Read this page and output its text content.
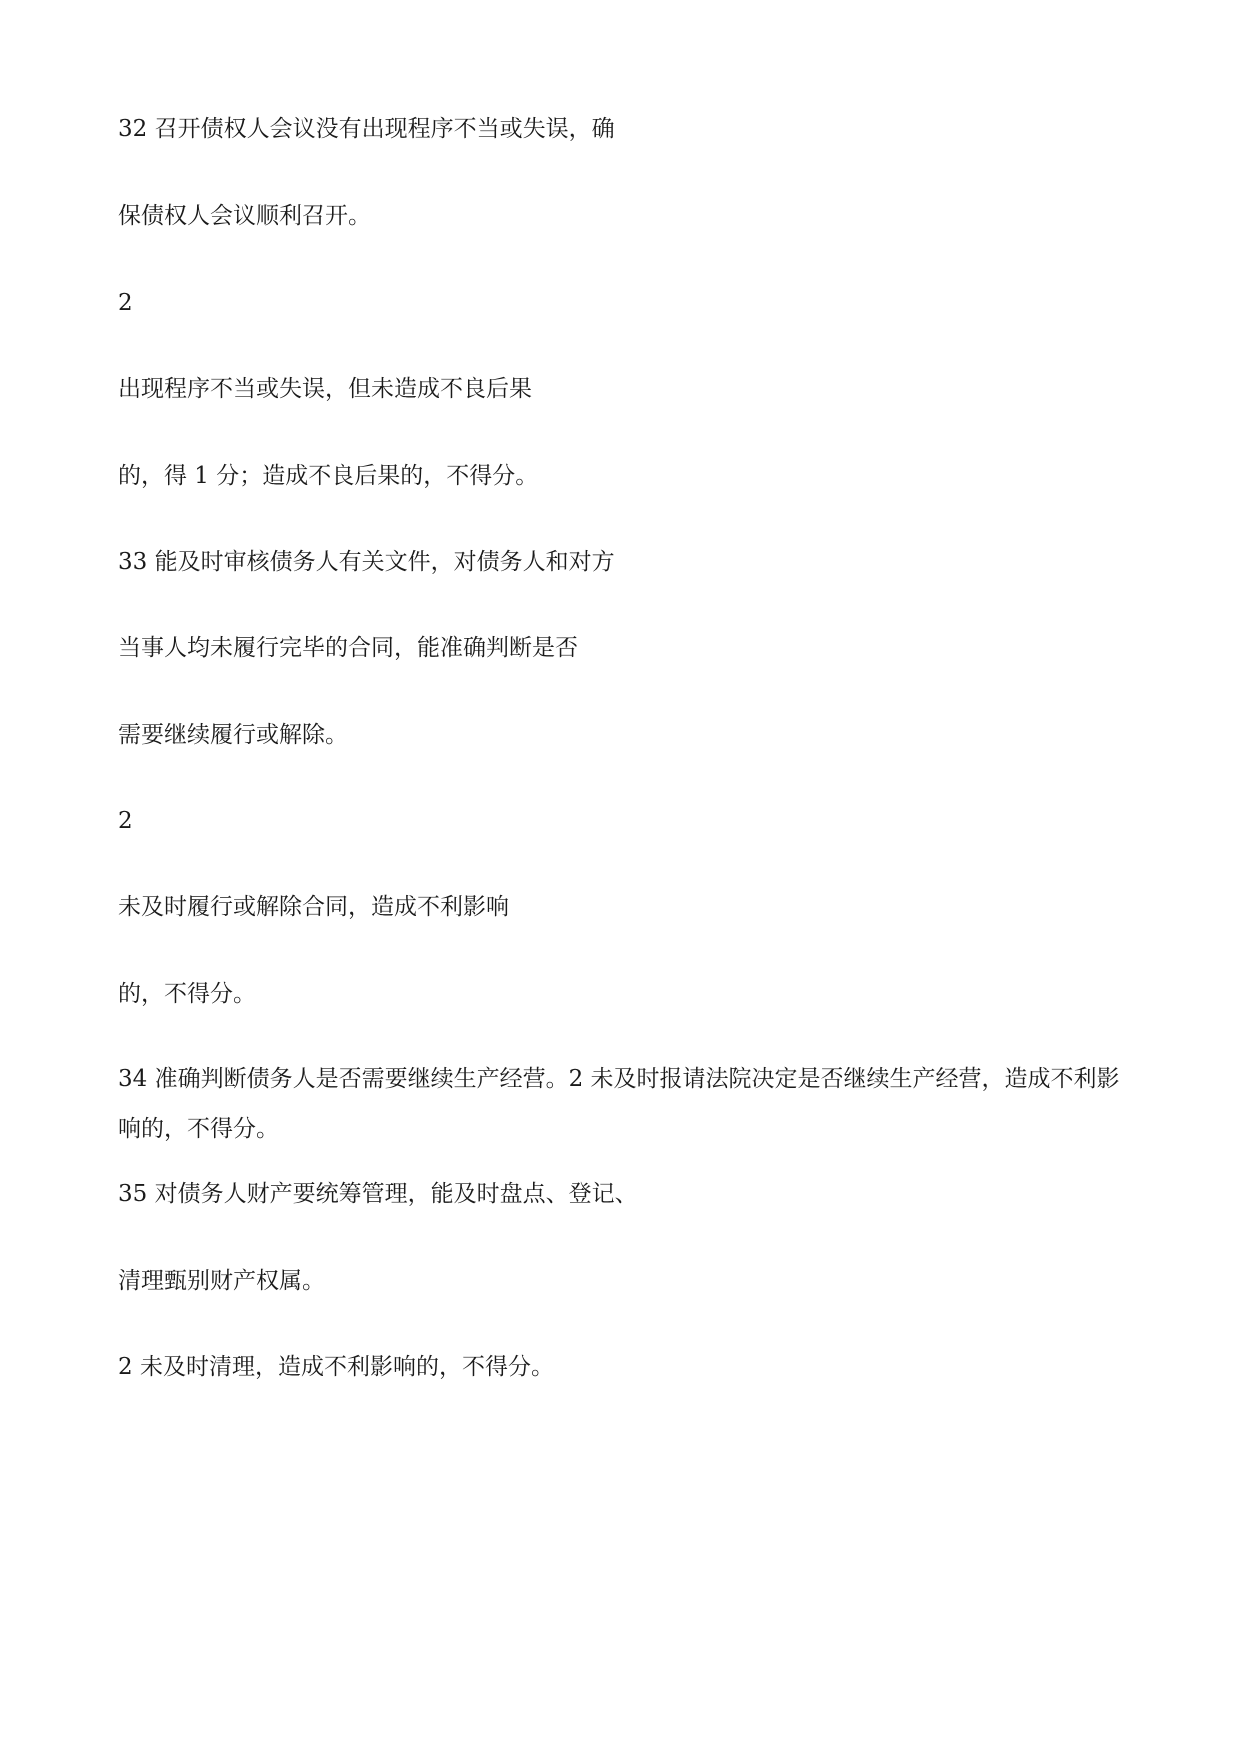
32 召开债权人会议没有出现程序不当或失误，确

保债权人会议顺利召开。

2

出现程序不当或失误，但未造成不良后果

的，得 1 分；造成不良后果的，不得分。

33 能及时审核债务人有关文件，对债务人和对方

当事人均未履行完毕的合同，能准确判断是否

需要继续履行或解除。

2

未及时履行或解除合同，造成不利影响

的，不得分。

34 准确判断债务人是否需要继续生产经营。2 未及时报请法院决定是否继续生产经营，造成不利影响的，不得分。

35 对债务人财产要统筹管理，能及时盘点、登记、

清理甄别财产权属。

2 未及时清理，造成不利影响的，不得分。
